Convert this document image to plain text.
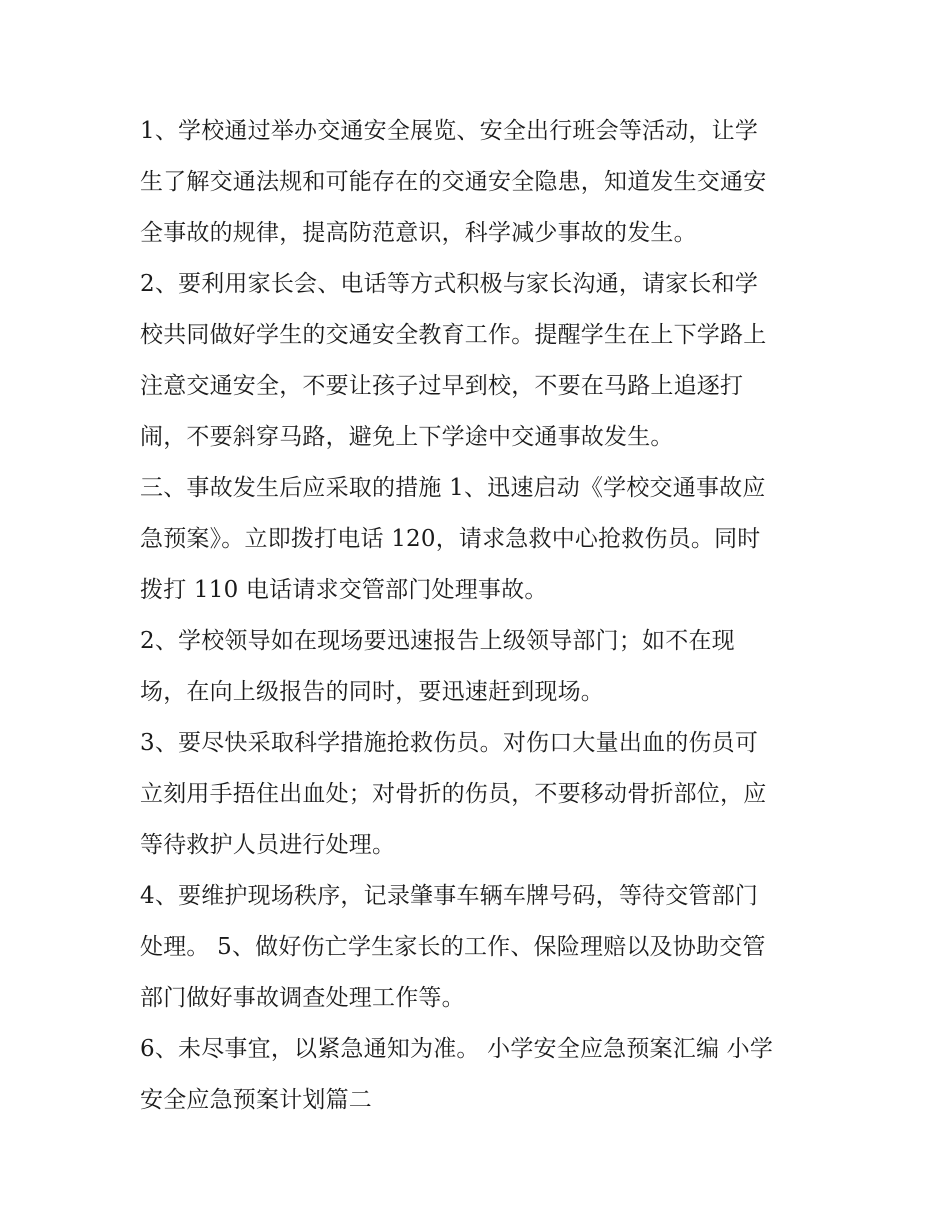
1、学校通过举办交通安全展览、安全出行班会等活动，让学
生了解交通法规和可能存在的交通安全隐患，知道发生交通安
全事故的规律，提高防范意识，科学减少事故的发生。
2、要利用家长会、电话等方式积极与家长沟通，请家长和学
校共同做好学生的交通安全教育工作。提醒学生在上下学路上
注意交通安全，不要让孩子过早到校，不要在马路上追逐打
闹，不要斜穿马路，避免上下学途中交通事故发生。
三、事故发生后应采取的措施 1、迅速启动《学校交通事故应
急预案》。立即拨打电话 120，请求急救中心抢救伤员。同时
拨打 110 电话请求交管部门处理事故。
2、学校领导如在现场要迅速报告上级领导部门；如不在现
场，在向上级报告的同时，要迅速赶到现场。
3、要尽快采取科学措施抢救伤员。对伤口大量出血的伤员可
立刻用手捂住出血处；对骨折的伤员，不要移动骨折部位，应
等待救护人员进行处理。
4、要维护现场秩序，记录肇事车辆车牌号码，等待交管部门
处理。 5、做好伤亡学生家长的工作、保险理赔以及协助交管
部门做好事故调查处理工作等。
6、未尽事宜，以紧急通知为准。 小学安全应急预案汇编 小学
安全应急预案计划篇二
